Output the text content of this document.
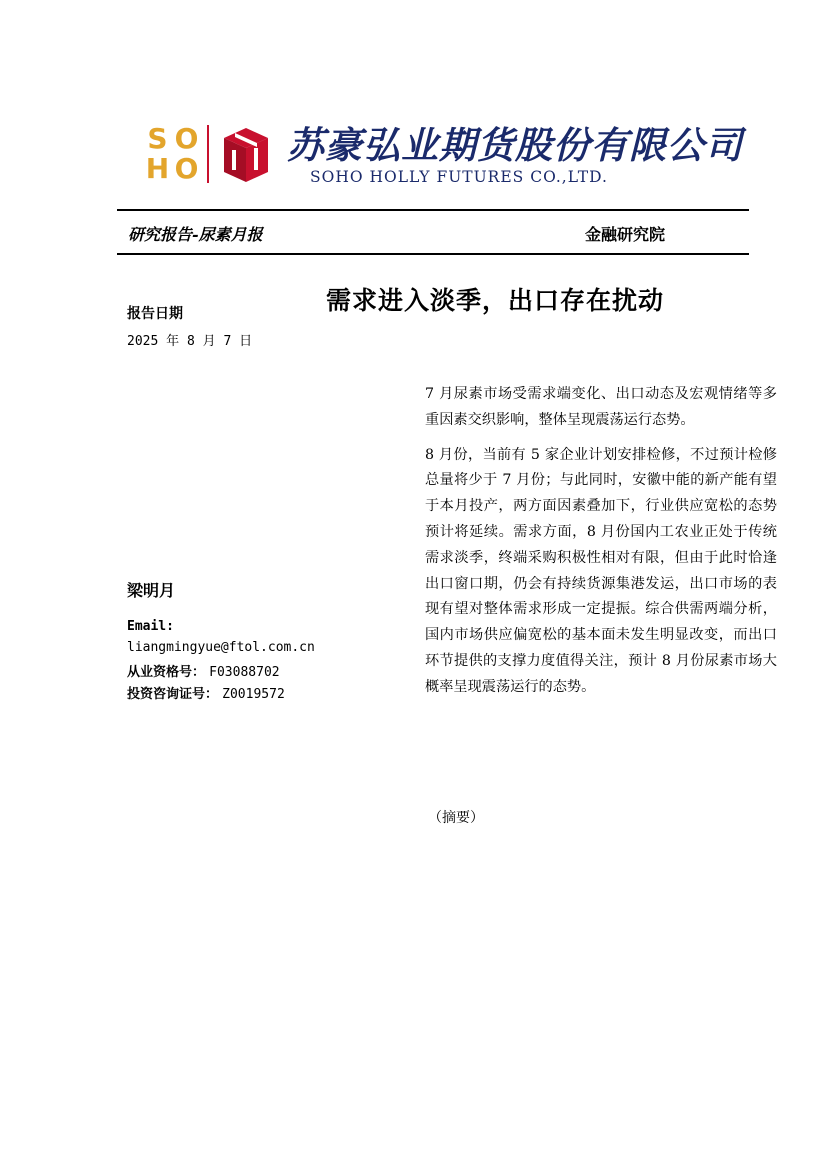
S O
H O
苏豪弘业期货股份有限公司
SOHO HOLLY FUTURES CO.,LTD.
研究报告-尿素月报	金融研究院
需求进入淡季，出口存在扰动
报告日期
2025 年 8 月 7 日
梁明月
Email:
liangmingyue@ftol.com.cn
从业资格号： F03088702
投资咨询证号： Z0019572

7 月尿素市场受需求端变化、出口动态及宏观情绪等多重因素交织影响，整体呈现震荡运行态势。

8 月份，当前有 5 家企业计划安排检修，不过预计检修总量将少于 7 月份；与此同时，安徽中能的新产能有望于本月投产，两方面因素叠加下，行业供应宽松的态势预计将延续。需求方面，8 月份国内工农业正处于传统需求淡季，终端采购积极性相对有限，但由于此时恰逢出口窗口期，仍会有持续货源集港发运，出口市场的表现有望对整体需求形成一定提振。综合供需两端分析，国内市场供应偏宽松的基本面未发生明显改变，而出口环节提供的支撑力度值得关注，预计 8 月份尿素市场大概率呈现震荡运行的态势。

（摘要）
